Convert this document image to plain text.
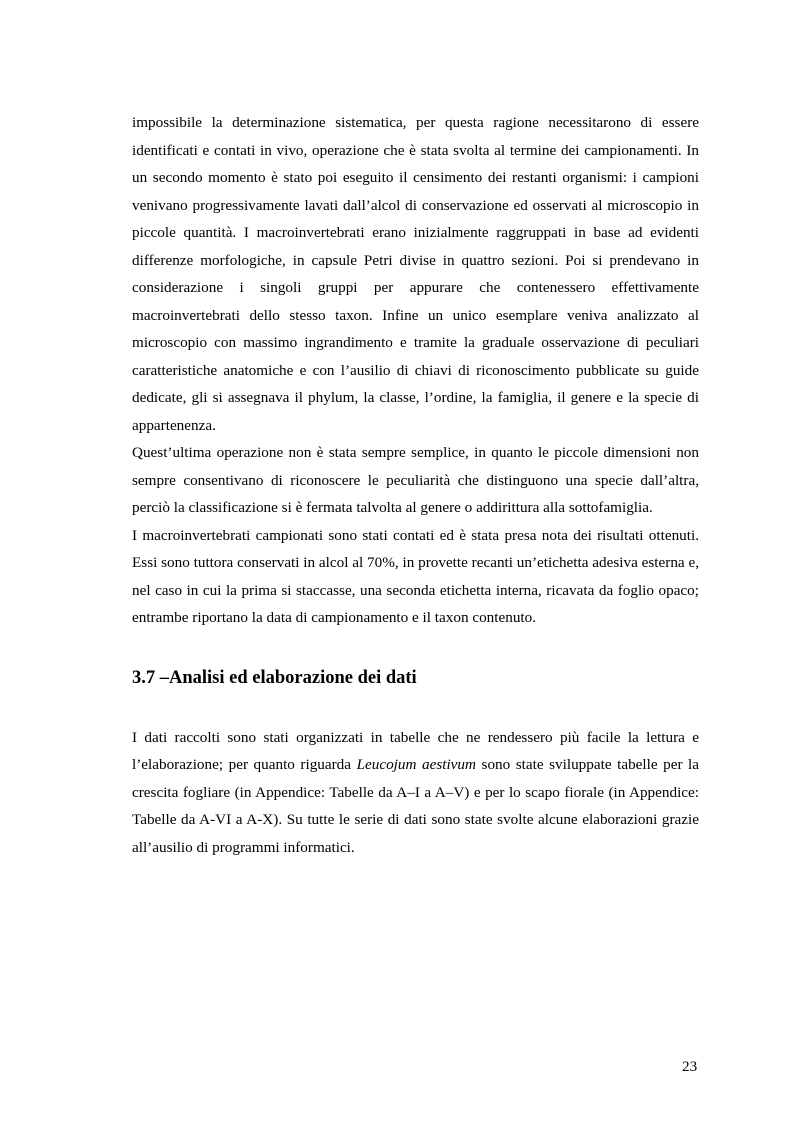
impossibile la determinazione sistematica, per questa ragione necessitarono di essere identificati e contati in vivo, operazione che è stata svolta al termine dei campionamenti. In un secondo momento è stato poi eseguito il censimento dei restanti organismi: i campioni venivano progressivamente lavati dall’alcol di conservazione ed osservati al microscopio in piccole quantità. I macroinvertebrati erano inizialmente raggruppati in base ad evidenti differenze morfologiche, in capsule Petri divise in quattro sezioni. Poi si prendevano in considerazione i singoli gruppi per appurare che contenessero effettivamente macroinvertebrati dello stesso taxon. Infine un unico esemplare veniva analizzato al microscopio con massimo ingrandimento e tramite la graduale osservazione di peculiari caratteristiche anatomiche e con l’ausilio di chiavi di riconoscimento pubblicate su guide dedicate, gli si assegnava il phylum, la classe, l’ordine, la famiglia, il genere e la specie di appartenenza.

Quest’ultima operazione non è stata sempre semplice, in quanto le piccole dimensioni non sempre consentivano di riconoscere le peculiarità che distinguono una specie dall’altra, perciò la classificazione si è fermata talvolta al genere o addirittura alla sottofamiglia.

I macroinvertebrati campionati sono stati contati ed è stata presa nota dei risultati ottenuti. Essi sono tuttora conservati in alcol al 70%, in provette recanti un’etichetta adesiva esterna e, nel caso in cui la prima si staccasse, una seconda etichetta interna, ricavata da foglio opaco; entrambe riportano la data di campionamento e il taxon contenuto.

3.7 –Analisi ed elaborazione dei dati

I dati raccolti sono stati organizzati in tabelle che ne rendessero più facile la lettura e l’elaborazione; per quanto riguarda Leucojum aestivum sono state sviluppate tabelle per la crescita fogliare (in Appendice: Tabelle da A–I a A–V) e per lo scapo fiorale (in Appendice: Tabelle da A-VI a A-X). Su tutte le serie di dati sono state svolte alcune elaborazioni grazie all’ausilio di programmi informatici.

23
